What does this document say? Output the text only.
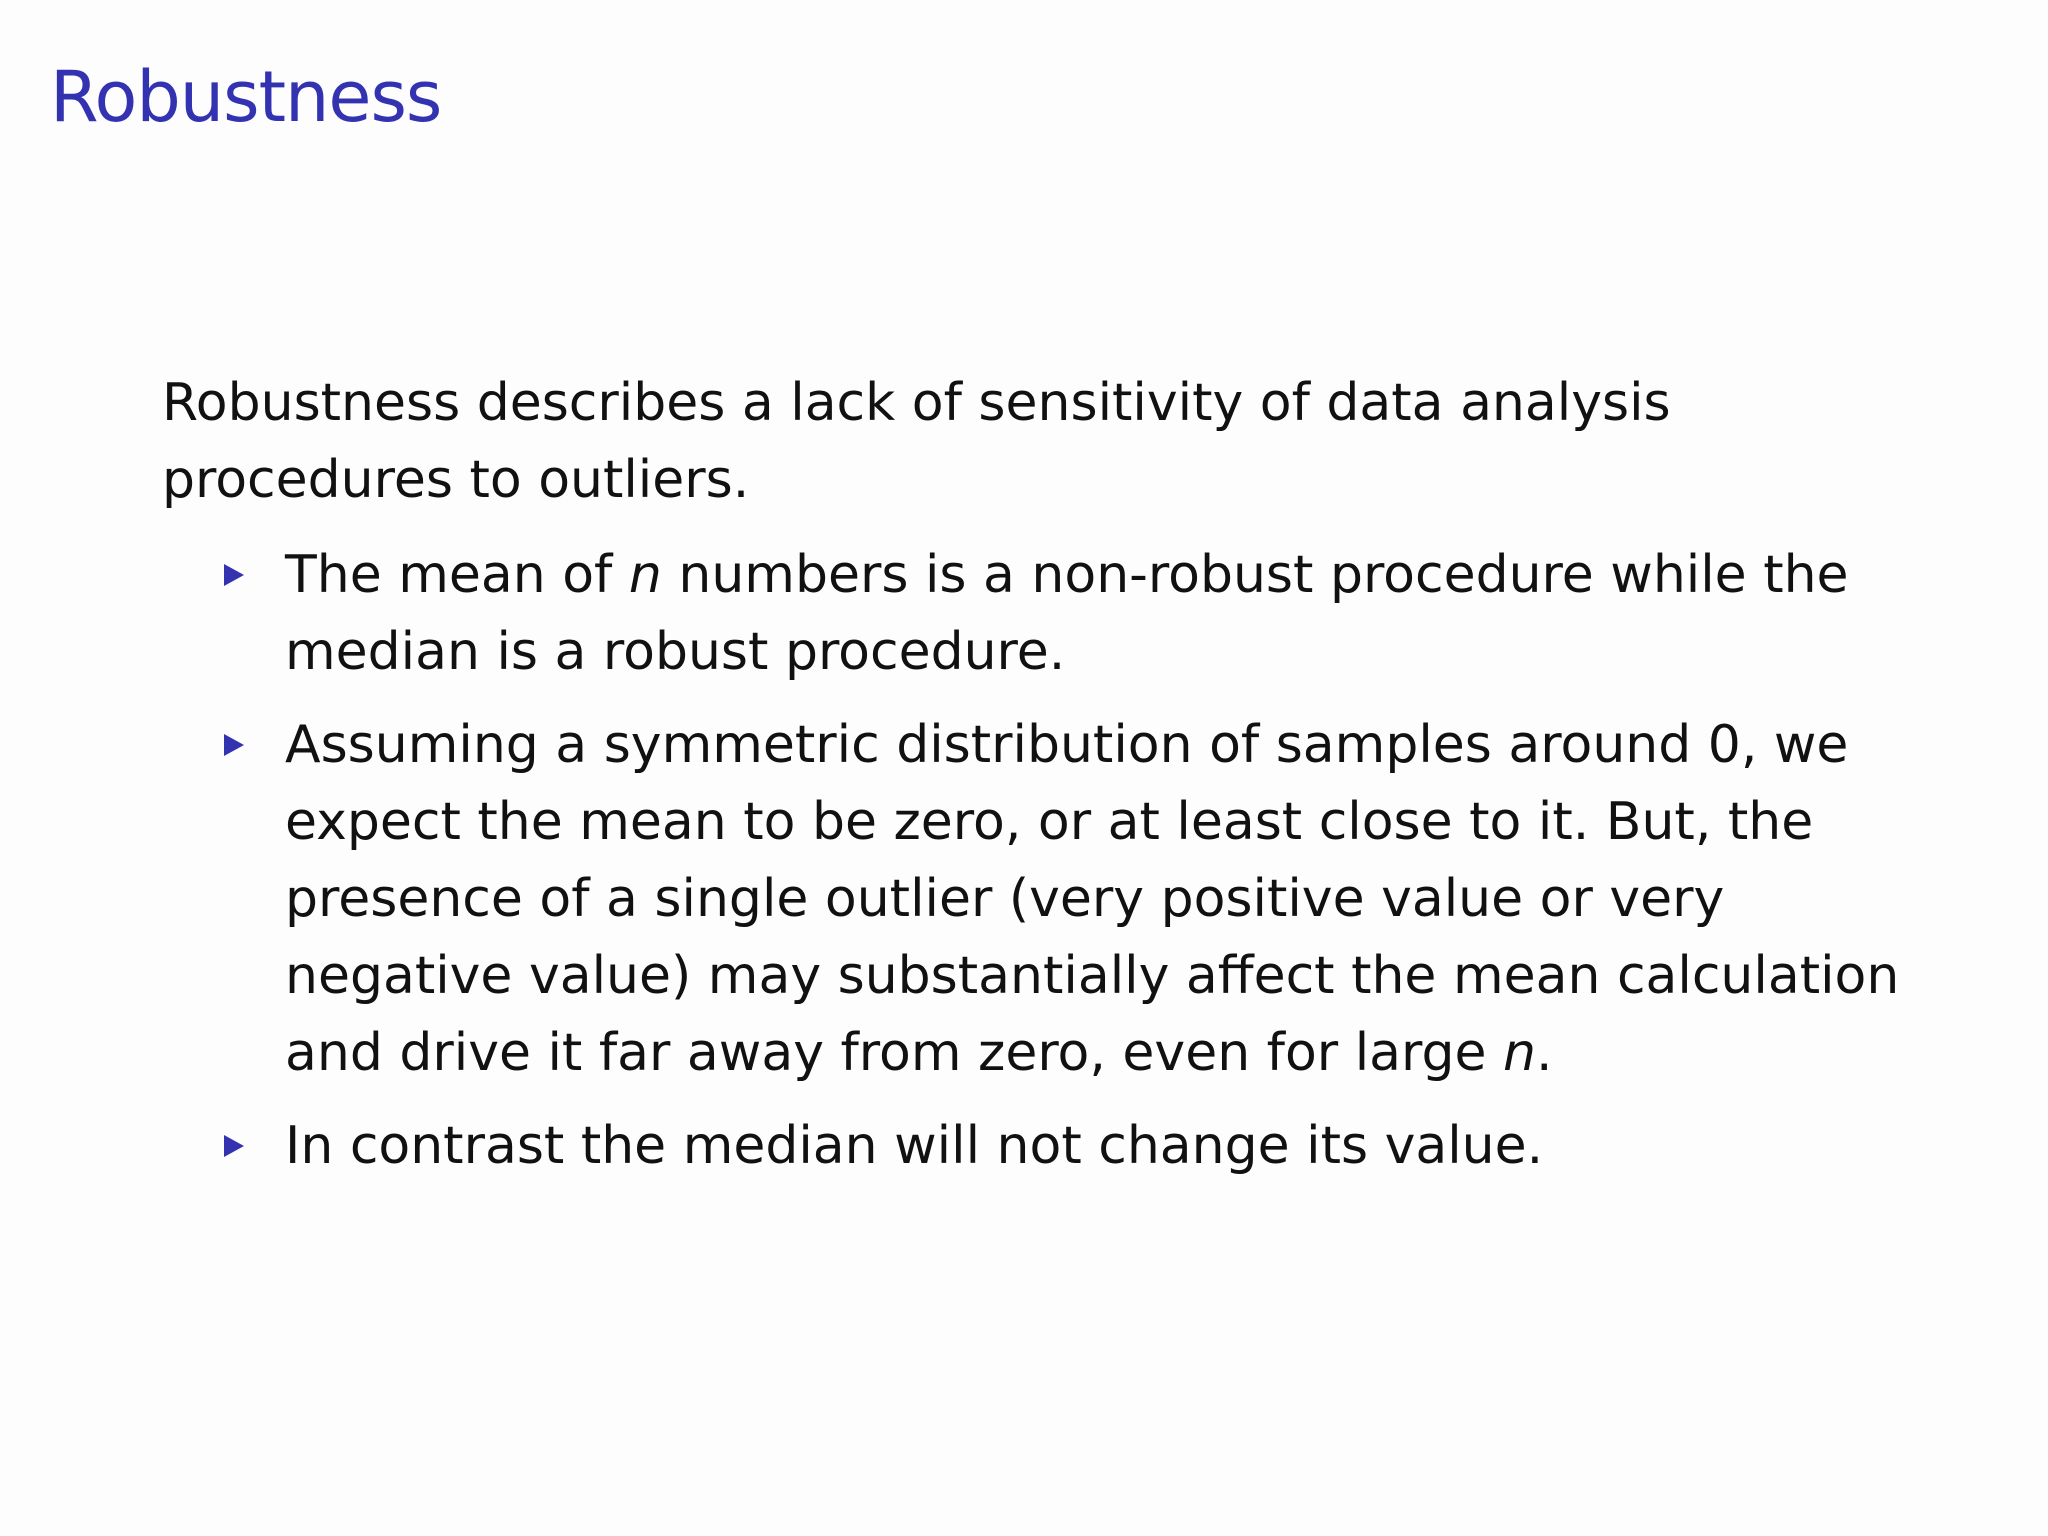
Robustness

Robustness describes a lack of sensitivity of data analysis procedures to outliers.

The mean of n numbers is a non-robust procedure while the median is a robust procedure.
Assuming a symmetric distribution of samples around 0, we expect the mean to be zero, or at least close to it. But, the presence of a single outlier (very positive value or very negative value) may substantially affect the mean calculation and drive it far away from zero, even for large n.
In contrast the median will not change its value.
